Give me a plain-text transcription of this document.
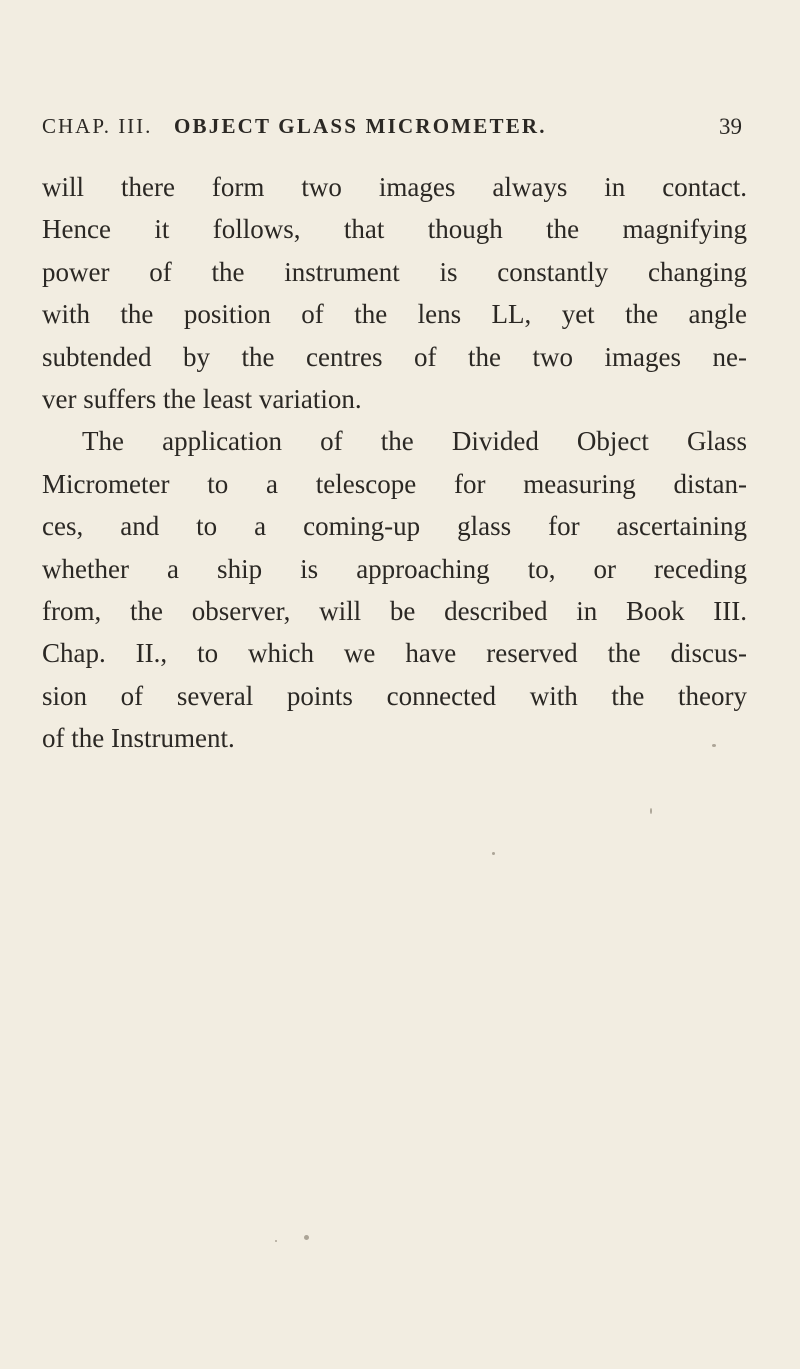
CHAP. III. OBJECT GLASS MICROMETER.	39
will there form two images always in contact.
Hence it follows, that though the magnifying
power of the instrument is constantly changing
with the position of the lens LL, yet the angle
subtended by the centres of the two images ne-
ver suffers the least variation.
The application of the Divided Object Glass
Micrometer to a telescope for measuring distan-
ces, and to a coming-up glass for ascertaining
whether a ship is approaching to, or receding
from, the observer, will be described in Book III.
Chap. II., to which we have reserved the discus-
sion of several points connected with the theory
of the Instrument.
